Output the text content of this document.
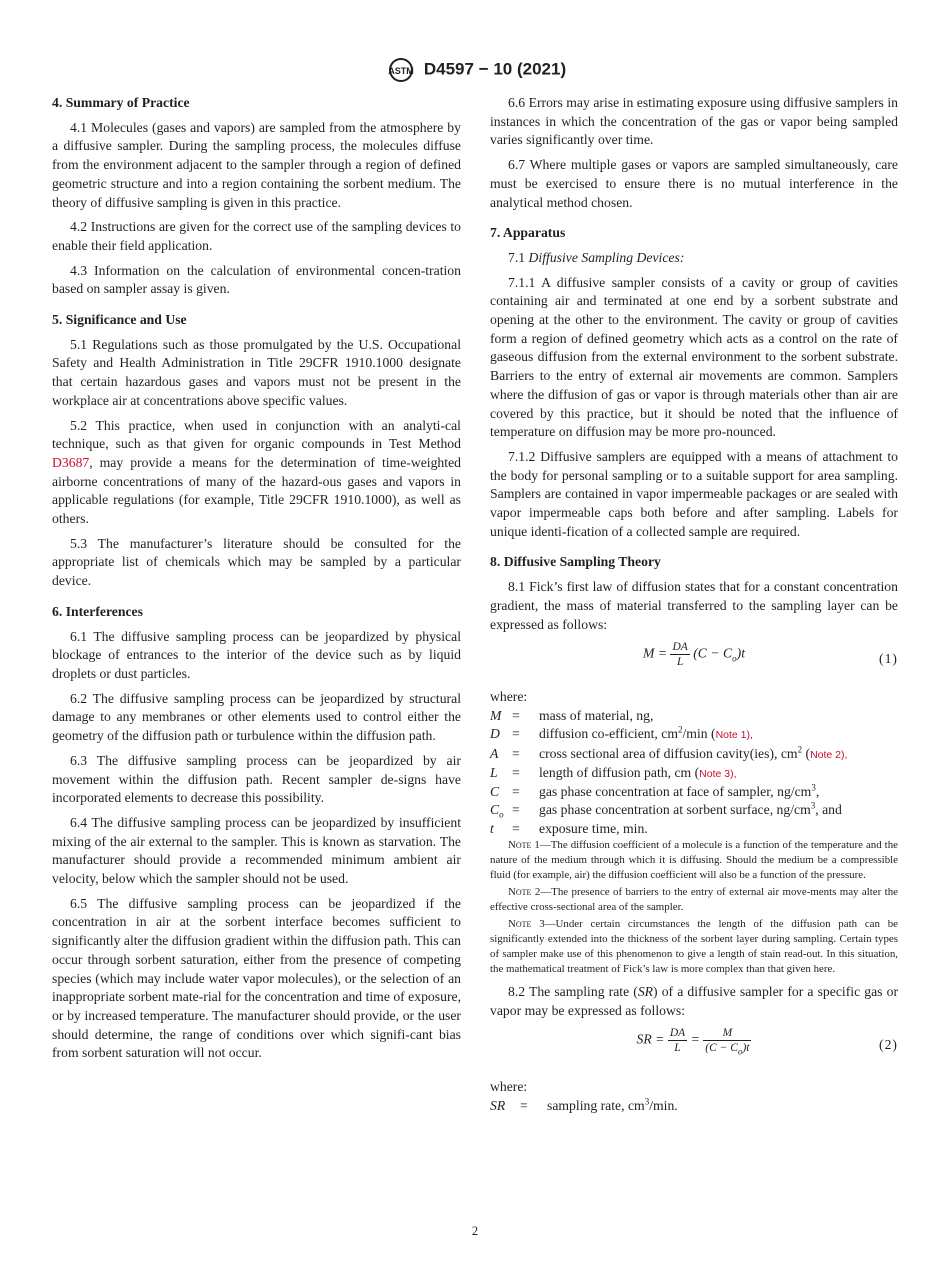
ASTM D4597 − 10 (2021)
4. Summary of Practice

4.1 Molecules (gases and vapors) are sampled from the atmosphere by a diffusive sampler. During the sampling process, the molecules diffuse from the environment adjacent to the sampler through a region of defined geometric structure and into a region containing the sorbent medium. The theory of diffusive sampling is given in this practice.

4.2 Instructions are given for the correct use of the sampling devices to enable their field application.

4.3 Information on the calculation of environmental concen-tration based on sampler assay is given.

5. Significance and Use

5.1 Regulations such as those promulgated by the U.S. Occupational Safety and Health Administration in Title 29CFR 1910.1000 designate that certain hazardous gases and vapors must not be present in the workplace air at concentrations above specific values.

5.2 This practice, when used in conjunction with an analyti-cal technique, such as that given for organic compounds in Test Method D3687, may provide a means for the determination of time-weighted airborne concentrations of many of the hazard-ous gases and vapors in applicable regulations (for example, Title 29CFR 1910.1000), as well as others.

5.3 The manufacturer’s literature should be consulted for the appropriate list of chemicals which may be sampled by a particular device.

6. Interferences

6.1 The diffusive sampling process can be jeopardized by physical blockage of entrances to the interior of the device such as by liquid droplets or dust particles.

6.2 The diffusive sampling process can be jeopardized by structural damage to any membranes or other elements used to control either the geometry of the diffusion path or turbulence within the diffusion path.

6.3 The diffusive sampling process can be jeopardized by air movement within the diffusion path. Recent sampler de-signs have incorporated elements to decrease this possibility.

6.4 The diffusive sampling process can be jeopardized by insufficient mixing of the air external to the sampler. This is known as starvation. The manufacturer should provide a recommended minimum ambient air velocity, below which the sampler should not be used.

6.5 The diffusive sampling process can be jeopardized if the concentration in air at the sorbent interface becomes sufficient to significantly alter the diffusion gradient within the diffusion path. This can occur through sorbent saturation, either from the presence of competing species (which may include water vapor molecules), or the selection of an inappropriate sorbent mate-rial for the concentration and time of exposure, or by increased temperature. The manufacturer should provide, or the user should determine, the range of conditions over which signifi-cant bias from sorbent saturation will not occur.

6.6 Errors may arise in estimating exposure using diffusive samplers in instances in which the concentration of the gas or vapor being sampled varies significantly over time.

6.7 Where multiple gases or vapors are sampled simultaneously, care must be exercised to ensure there is no mutual interference in the analytical method chosen.

7. Apparatus

7.1 Diffusive Sampling Devices:

7.1.1 A diffusive sampler consists of a cavity or group of cavities containing air and terminated at one end by a sorbent substrate and opening at the other to the environment. The cavity or group of cavities form a region of defined geometry which acts as a control on the rate of gaseous diffusion from the external environment to the sorbent substrate. Barriers to the entry of external air movements are common. Samplers where the diffusion of gas or vapor is through materials other than air are covered by this practice, but it should be noted that the influence of temperature on diffusion may be more pro-nounced.

7.1.2 Diffusive samplers are equipped with a means of attachment to the body for personal sampling or to a suitable support for area sampling. Samplers are contained in vapor impermeable packages or are sealed with vapor impermeable caps both before and after sampling. Labels for unique identi-fication of a collected sample are required.

8. Diffusive Sampling Theory

8.1 Fick’s first law of diffusion states that for a constant concentration gradient, the mass of material transferred to the sampling layer can be expressed as follows:

$M = \frac{DA}{L} (C - C_o)t$	(1)
where:
M =	mass of material, ng,
D =	diffusion co-efficient, $cm^2/\min$ (Note 1),
A =	cross sectional area of diffusion cavity(ies), $cm^2$ (Note 2),
L	=	length of diffusion path, cm (Note 3),
C =	gas phase concentration at face of sampler, $ng/cm^3$,
$C_o$ =	gas phase concentration at sorbent surface, $ng/cm^3$, and
t	=	exposure time, min.
Note 1—The diffusion coefficient of a molecule is a function of the temperature and the nature of the medium through which it is diffusing. Should the medium be a compressible fluid (for example, air) the diffusion coefficient will also be a function of the pressure.
Note 2—The presence of barriers to the entry of external air move-ments may alter the effective cross-sectional area of the sampler.
Note 3—Under certain circumstances the length of the diffusion path can be significantly extended into the thickness of the sorbent layer during sampling. Certain types of sampler make use of this phenomenon to give a length of stain read-out. In this situation, the mathematical treatment of Fick’s law is more complex than that given here.

8.2 The sampling rate (SR) of a diffusive sampler for a specific gas or vapor may be expressed as follows:

SR = $\frac{DA}{L} = \frac{M}{(C - C_o)t}$	(2)
where:
SR	=	sampling rate, $cm^3/\min$.
2
